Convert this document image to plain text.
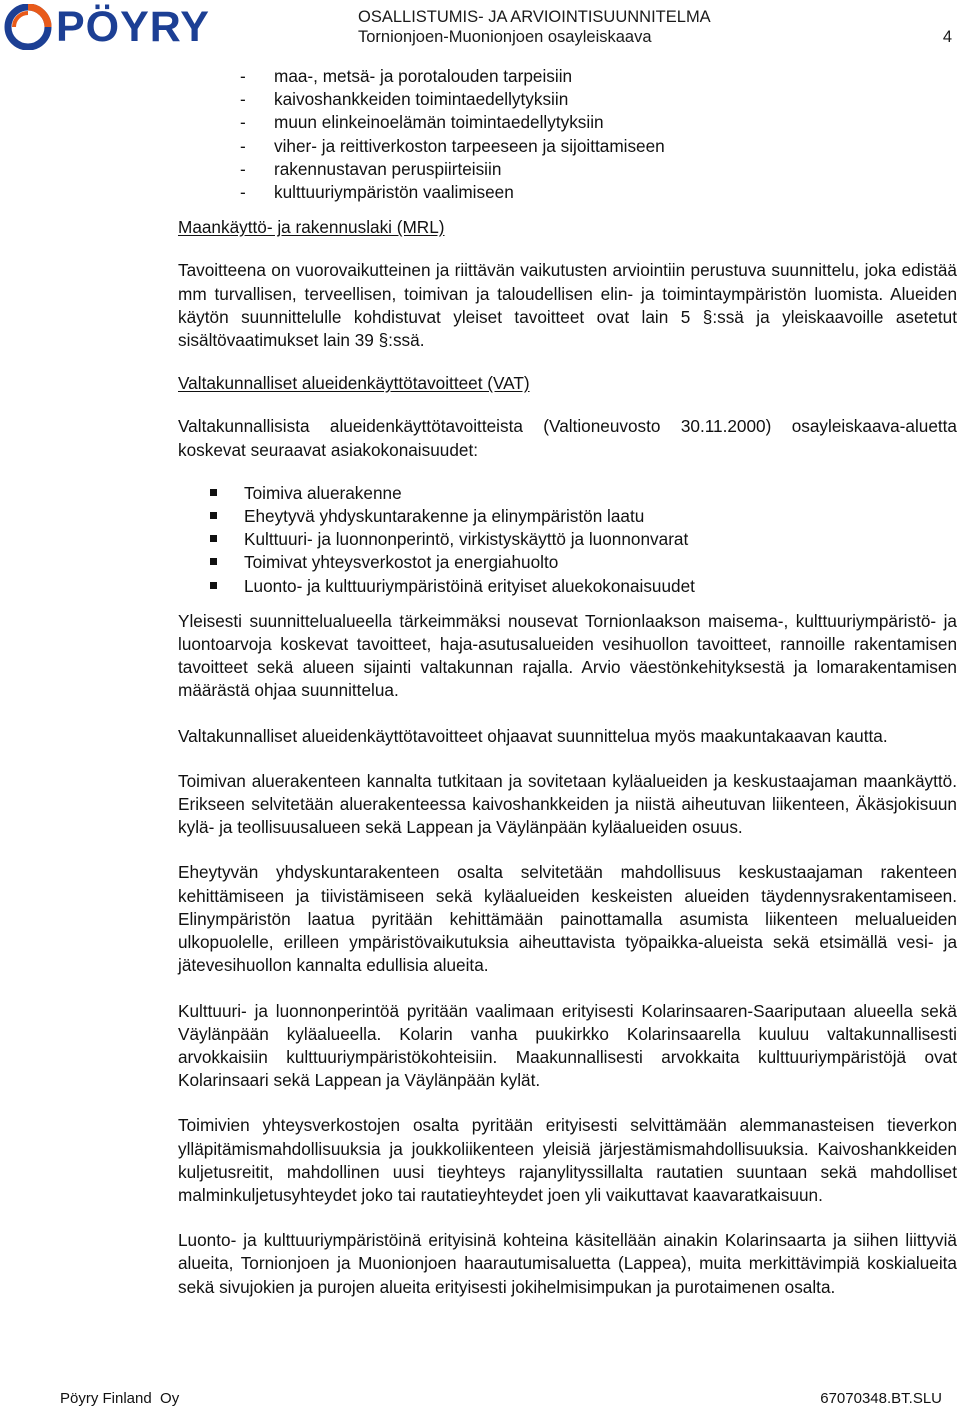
PÖYRY	OSALLISTUMIS- JA ARVIOINTISUUNNITELMA
Tornionjoen-Muonionjoen osayleiskaava	4
- maa-, metsä- ja porotalouden tarpeisiin
- kaivoshankkeiden toimintaedellytyksiin
- muun elinkeinoelämän toimintaedellytyksiin
- viher- ja reittiverkoston tarpeeseen ja sijoittamiseen
- rakennustavan peruspiirteisiin
- kulttuuriympäristön vaalimiseen
Maankäyttö- ja rakennuslaki (MRL)

Tavoitteena on vuorovaikutteinen ja riittävän vaikutusten arviointiin perustuva suunnittelu, joka edistää mm turvallisen, terveellisen, toimivan ja taloudellisen elin- ja toimintaympäristön luomista. Alueiden käytön suunnittelulle kohdistuvat yleiset tavoitteet ovat lain 5 §:ssä ja yleiskaavoille asetetut sisältövaatimukset lain 39 §:ssä.

Valtakunnalliset alueidenkäyttötavoitteet (VAT)

Valtakunnallisista alueidenkäyttötavoitteista (Valtioneuvosto 30.11.2000) osayleiskaava-aluetta koskevat seuraavat asiakokonaisuudet:

Toimiva aluerakenne
Eheytyvä yhdyskuntarakenne ja elinympäristön laatu
Kulttuuri- ja luonnonperintö, virkistyskäyttö ja luonnonvarat
Toimivat yhteysverkostot ja energiahuolto
Luonto- ja kulttuuriympäristöinä erityiset aluekokonaisuudet

Yleisesti suunnittelualueella tärkeimmäksi nousevat Tornionlaakson maisema-, kulttuuriympäristö- ja luontoarvoja koskevat tavoitteet, haja-asutusalueiden vesihuollon tavoitteet, rannoille rakentamisen tavoitteet sekä alueen sijainti valtakunnan rajalla. Arvio väestönkehityksestä ja lomarakentamisen määrästä ohjaa suunnittelua.

Valtakunnalliset alueidenkäyttötavoitteet ohjaavat suunnittelua myös maakuntakaavan kautta.

Toimivan aluerakenteen kannalta tutkitaan ja sovitetaan kyläalueiden ja keskustaajaman maankäyttö. Erikseen selvitetään aluerakenteessa kaivoshankkeiden ja niistä aiheutuvan liikenteen, Äkäsjokisuun kylä- ja teollisuusalueen sekä Lappean ja Väylänpään kyläalueiden osuus.

Eheytyvän yhdyskuntarakenteen osalta selvitetään mahdollisuus keskustaajaman rakenteen kehittämiseen ja tiivistämiseen sekä kyläalueiden keskeisten alueiden täydennysrakentamiseen. Elinympäristön laatua pyritään kehittämään painottamalla asumista liikenteen melualueiden ulkopuolelle, erilleen ympäristövaikutuksia aiheuttavista työpaikka-alueista sekä etsimällä vesi- ja jätevesihuollon kannalta edullisia alueita.

Kulttuuri- ja luonnonperintöä pyritään vaalimaan erityisesti Kolarinsaaren-Saariputaan alueella sekä Väylänpään kyläalueella. Kolarin vanha puukirkko Kolarinsaarella kuuluu valtakunnallisesti arvokkaisiin kulttuuriympäristökohteisiin. Maakunnallisesti arvokkaita kulttuuriympäristöjä ovat Kolarinsaari sekä Lappean ja Väylänpään kylät.

Toimivien yhteysverkostojen osalta pyritään erityisesti selvittämään alemmanasteisen tieverkon ylläpitämismahdollisuuksia ja joukkoliikenteen yleisiä järjestämismahdollisuuksia. Kaivoshankkeiden kuljetusreitit, mahdollinen uusi tieyhteys rajanylityssillalta rautatien suuntaan sekä mahdolliset malminkuljetusyhteydet joko tai rautatieyhteydet joen yli vaikuttavat kaavaratkaisuun.

Luonto- ja kulttuuriympäristöinä erityisinä kohteina käsitellään ainakin Kolarinsaarta ja siihen liittyviä alueita, Tornionjoen ja Muonionjoen haarautumisaluetta (Lappea), muita merkittävimpiä koskialueita sekä sivujokien ja purojen alueita erityisesti jokihelmisimpukan ja purotaimenen osalta.

Pöyry Finland  Oy	67070348.BT.SLU
